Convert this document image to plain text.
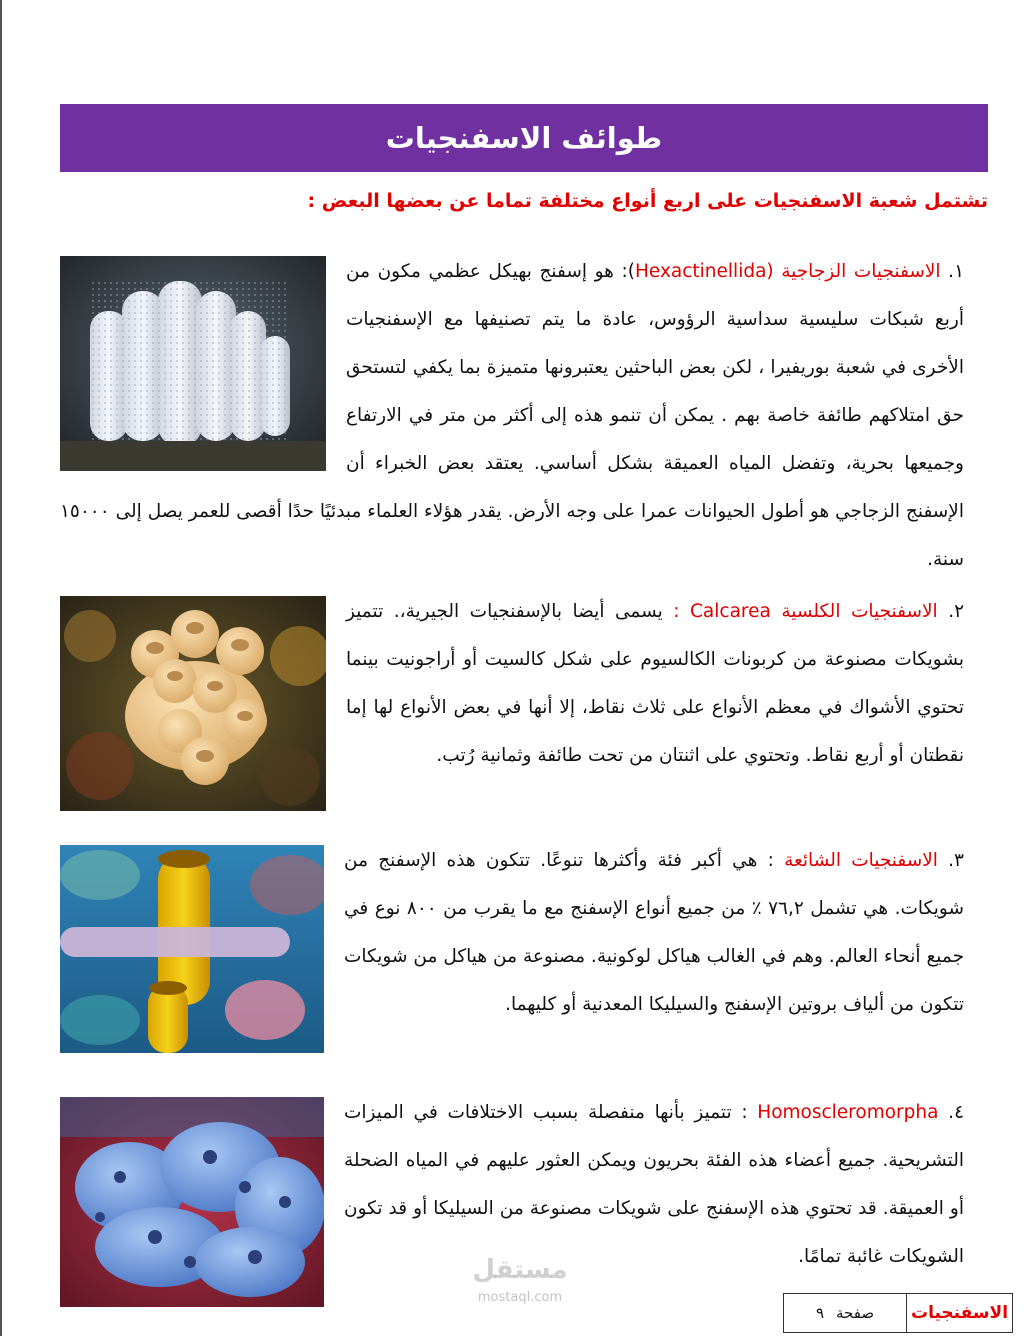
طوائف الاسفنجيات
تشتمل شعبة الاسفنجيات على اربع أنواع مختلفة تماما عن بعضها البعض :
١. الاسفنجيات الزجاجية (Hexactinellida): هو إسفنج بهيكل عظمي مكون من أربع شبكات سليسية سداسية الرؤوس، عادة ما يتم تصنيفها مع الإسفنجيات الأخرى في شعبة بوريفيرا ، لكن بعض الباحثين يعتبرونها متميزة بما يكفي لتستحق حق امتلاكهم طائفة خاصة بهم . يمكن أن تنمو هذه إلى أكثر من متر في الارتفاع وجميعها بحرية، وتفضل المياه العميقة بشكل أساسي. يعتقد بعض الخبراء أن الإسفنج الزجاجي هو أطول الحيوانات عمرا على وجه الأرض. يقدر هؤلاء العلماء مبدئيًا حدًا أقصى للعمر يصل إلى ١٥٠٠٠ سنة.
٢. الاسفنجيات الكلسية Calcarea : يسمى أيضا بالإسفنجيات الجيرية،. تتميز بشويكات مصنوعة من كربونات الكالسيوم على شكل كالسيت أو أراجونيت بينما تحتوي الأشواك في معظم الأنواع على ثلاث نقاط، إلا أنها في بعض الأنواع لها إما نقطتان أو أربع نقاط. وتحتوي على اثنتان من تحت طائفة وثمانية رُتب.
٣. الاسفنجيات الشائعة : هي أكبر فئة وأكثرها تنوعًا. تتكون هذه الإسفنج من شويكات. هي تشمل ٧٦,٢ ٪ من جميع أنواع الإسفنج مع ما يقرب من ٨٠٠ نوع في جميع أنحاء العالم. وهم في الغالب هياكل لوكونية. مصنوعة من هياكل من شويكات تتكون من ألياف بروتين الإسفنج والسيليكا المعدنية أو كليهما.
٤. Homoscleromorpha : تتميز بأنها منفصلة بسبب الاختلافات في الميزات التشريحية. جميع أعضاء هذه الفئة بحريون ويمكن العثور عليهم في المياه الضحلة أو العميقة. قد تحتوي هذه الإسفنج على شويكات مصنوعة من السيليكا أو قد تكون الشويكات غائبة تمامًا.
مستقل
mostaql.com
الاسفنجيات
صفحة
٩
